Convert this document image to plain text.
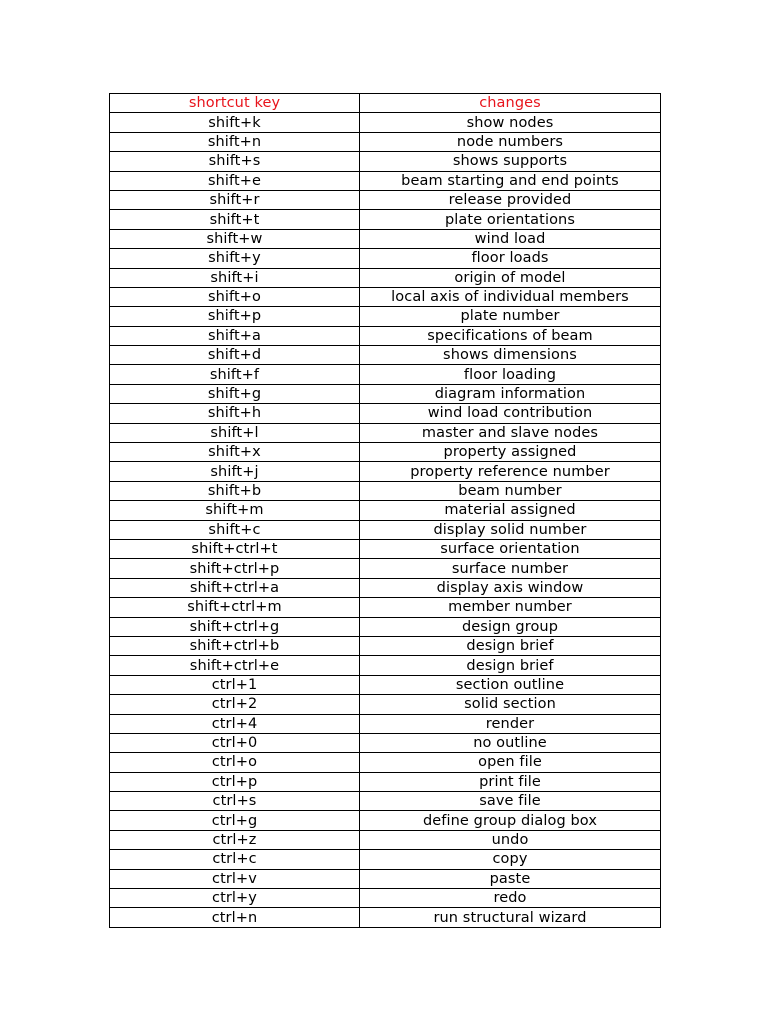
shortcut key	changes
shift+k	show nodes
shift+n	node numbers
shift+s	shows supports
shift+e	beam starting and end points
shift+r	release provided
shift+t	plate orientations
shift+w	wind load
shift+y	floor loads
shift+i	origin of model
shift+o	local axis of individual members
shift+p	plate number
shift+a	specifications of beam
shift+d	shows dimensions
shift+f	floor loading
shift+g	diagram information
shift+h	wind load contribution
shift+l	master and slave nodes
shift+x	property assigned
shift+j	property reference number
shift+b	beam number
shift+m	material assigned
shift+c	display solid number
shift+ctrl+t	surface orientation
shift+ctrl+p	surface number
shift+ctrl+a	display axis window
shift+ctrl+m	member number
shift+ctrl+g	design group
shift+ctrl+b	design brief
shift+ctrl+e	design brief
ctrl+1	section outline
ctrl+2	solid section
ctrl+4	render
ctrl+0	no outline
ctrl+o	open file
ctrl+p	print file
ctrl+s	save file
ctrl+g	define group dialog box
ctrl+z	undo
ctrl+c	copy
ctrl+v	paste
ctrl+y	redo
ctrl+n	run structural wizard
